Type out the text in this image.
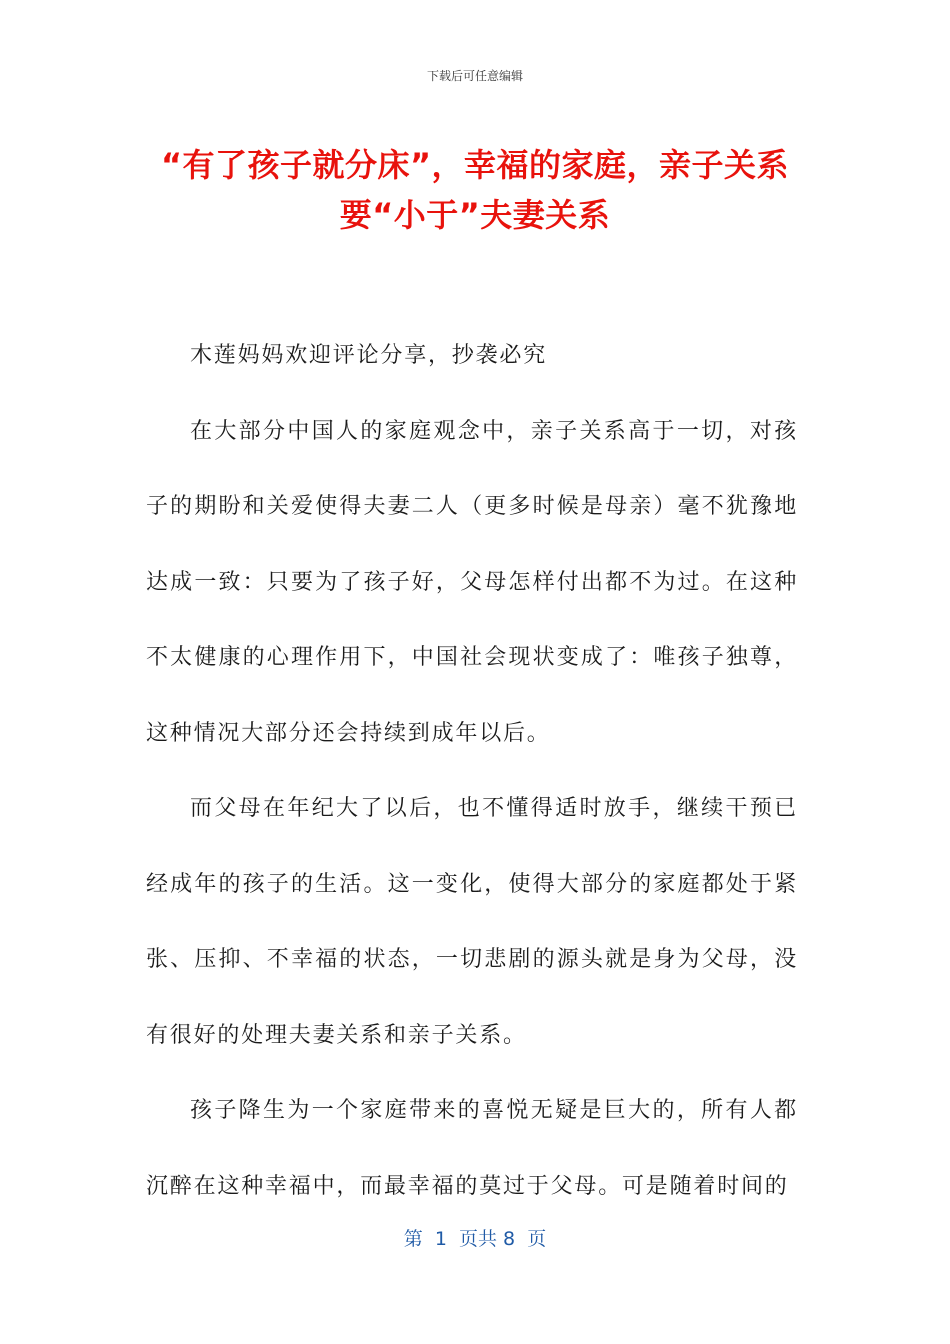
下载后可任意编辑
“有了孩子就分床”，幸福的家庭，亲子关系要“小于”夫妻关系

木莲妈妈欢迎评论分享，抄袭必究

在大部分中国人的家庭观念中，亲子关系高于一切，对孩子的期盼和关爱使得夫妻二人（更多时候是母亲）毫不犹豫地达成一致：只要为了孩子好，父母怎样付出都不为过。在这种不太健康的心理作用下，中国社会现状变成了：唯孩子独尊，这种情况大部分还会持续到成年以后。

而父母在年纪大了以后，也不懂得适时放手，继续干预已经成年的孩子的生活。这一变化，使得大部分的家庭都处于紧张、压抑、不幸福的状态，一切悲剧的源头就是身为父母，没有很好的处理夫妻关系和亲子关系。

孩子降生为一个家庭带来的喜悦无疑是巨大的，所有人都沉醉在这种幸福中，而最幸福的莫过于父母。可是随着时间的

第  1  页共 8  页
